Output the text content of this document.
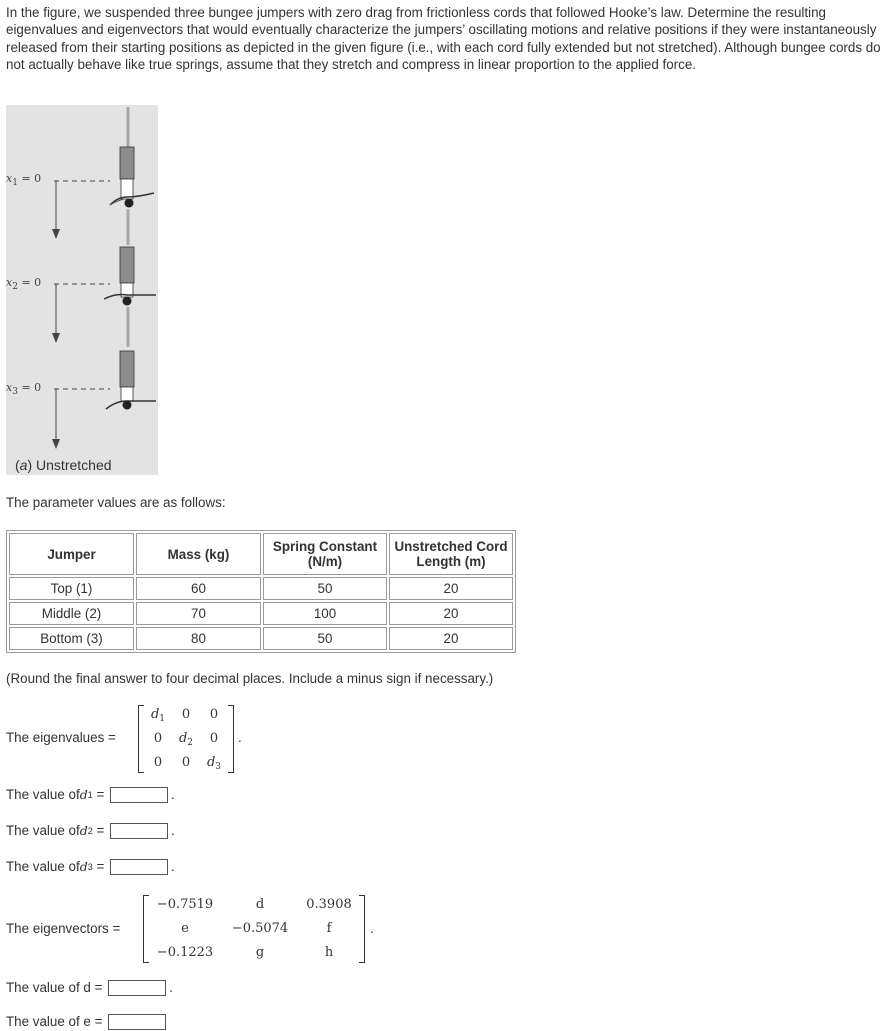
In the figure, we suspended three bungee jumpers with zero drag from frictionless cords that followed Hooke’s law. Determine the resulting eigenvalues and eigenvectors that would eventually characterize the jumpers’ oscillating motions and relative positions if they were instantaneously released from their starting positions as depicted in the given figure (i.e., with each cord fully extended but not stretched). Although bungee cords do not actually behave like true springs, assume that they stretch and compress in linear proportion to the applied force.

$x_1 = 0$
$x_2 = 0$
$x_3 = 0$
(a) Unstretched

The parameter values are as follows:

Jumper	Mass (kg)	Spring Constant (N/m)	Unstretched Cord Length (m)
Top (1)	60	50	20
Middle (2)	70	100	20
Bottom (3)	80	50	20

(Round the final answer to four decimal places. Include a minus sign if necessary.)

The eigenvalues =
$d_1$	0	0
0	$d_2$	0
0	0	$d_3$
.
The value ofd1 =	.
The value ofd2 =	.
The value ofd3 =	.
The eigenvectors =
−0.7519	d	0.3908
e	−0.5074	f
−0.1223	g	h
.
The value of d =	.
The value of e =
